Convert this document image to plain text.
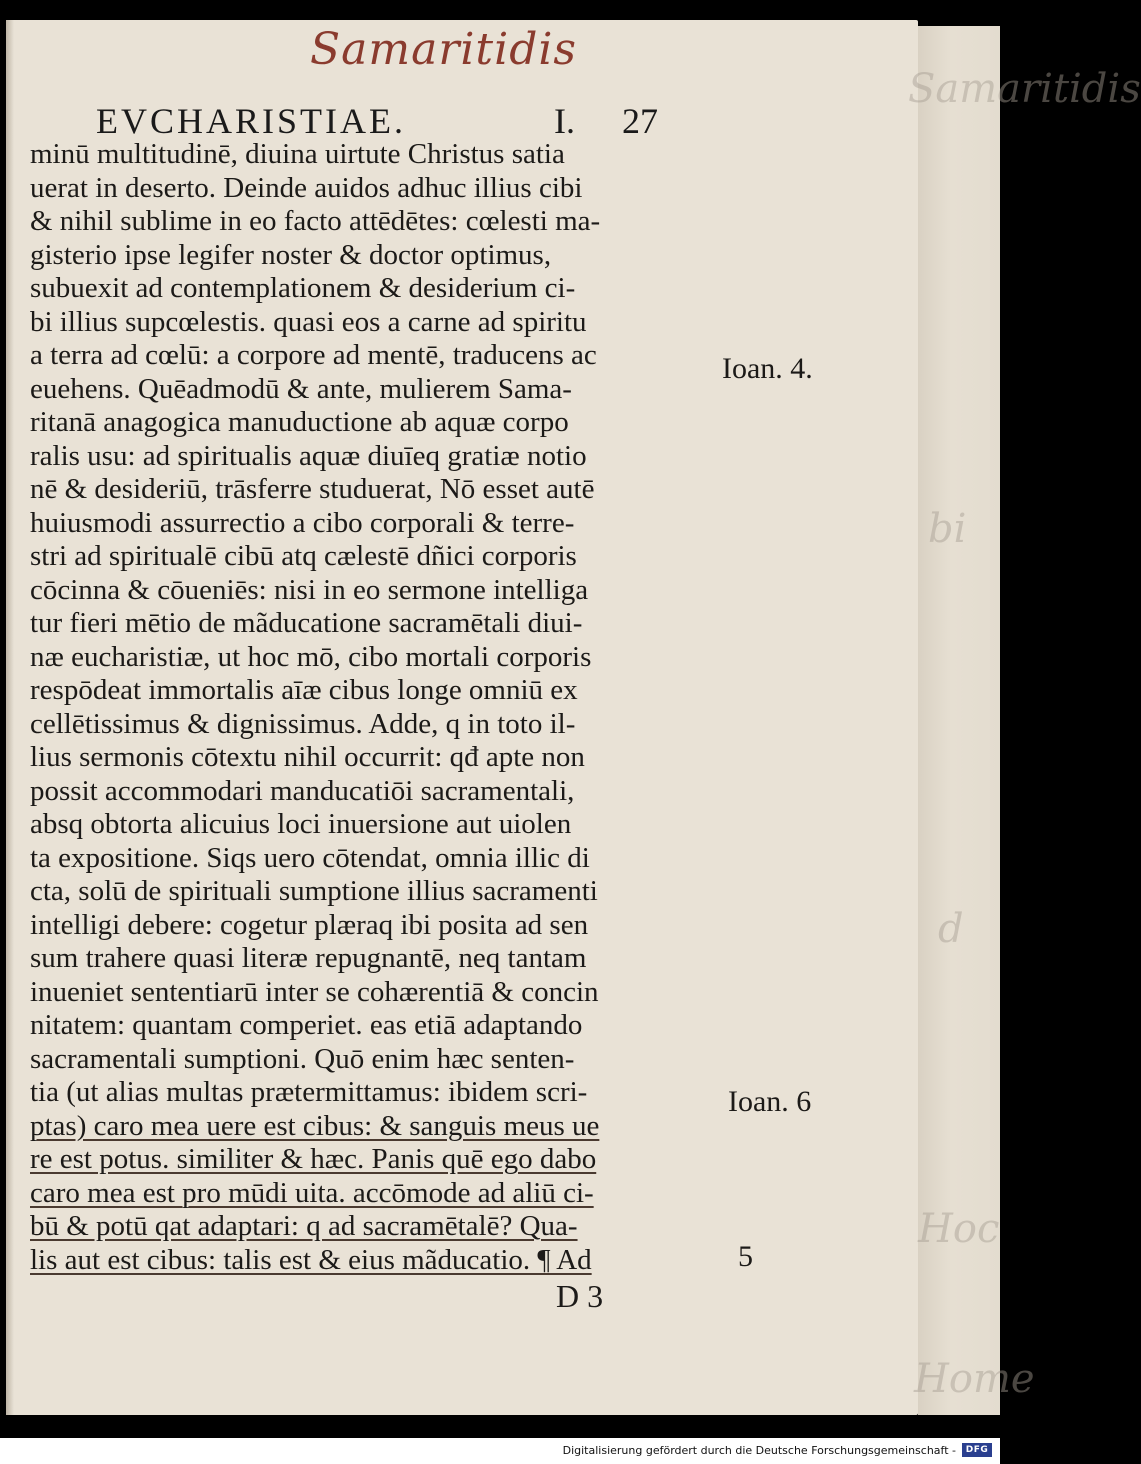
Samaritidis
bi
d
Hoc
Home
Samaritidis
EVCHARISTIAE.	I. 27
minū multitudinē, diuina uirtute Christus satia
uerat in deserto. Deinde auidos adhuc illius cibi
& nihil sublime in eo facto attēdētes: cœlesti ma-
gisterio ipse legifer noster & doctor optimus,
subuexit ad contemplationem & desiderium ci-
bi illius supcœlestis. quasi eos a carne ad spiritu
a terra ad cœlū: a corpore ad mentē, traducens ac
euehens. Quēadmodū & ante, mulierem Sama-
ritanā anagogica manuductione ab aquæ corpo
ralis usu: ad spiritualis aquæ diuīeq gratiæ notio
nē & desideriū, trāsferre studuerat, Nō esset autē
huiusmodi assurrectio a cibo corporali & terre-
stri ad spiritualē cibū atq cælestē dñici corporis
cōcinna & cōueniēs: nisi in eo sermone intelliga
tur fieri mētio de mãducatione sacramētali diui-
næ eucharistiæ, ut hoc mō, cibo mortali corporis
respōdeat immortalis aīæ cibus longe omniū ex
cellētissimus & dignissimus. Adde, q in toto il-
lius sermonis cōtextu nihil occurrit: qđ apte non
possit accommodari manducatiōi sacramentali,
absq obtorta alicuius loci inuersione aut uiolen
ta expositione. Siqs uero cōtendat, omnia illic di
cta, solū de spirituali sumptione illius sacramenti
intelligi debere: cogetur plæraq ibi posita ad sen
sum trahere quasi literæ repugnantē, neq tantam
inueniet sententiarū inter se cohærentiā & concin
nitatem: quantam comperiet. eas etiā adaptando
sacramentali sumptioni. Quō enim hæc senten-
tia (ut alias multas prætermittamus: ibidem scri-
ptas) caro mea uere est cibus: & sanguis meus ue
re est potus. similiter & hæc. Panis quē ego dabo
caro mea est pro mūdi uita. accōmode ad aliū ci-
bū & potū qat adaptari: q ad sacramētalē? Qua-
lis aut est cibus: talis est & eius mãducatio. ¶ Ad
Ioan. 4.
Ioan. 6
5
D 3
Digitalisierung gefördert durch die Deutsche Forschungsgemeinschaft -	DFG
